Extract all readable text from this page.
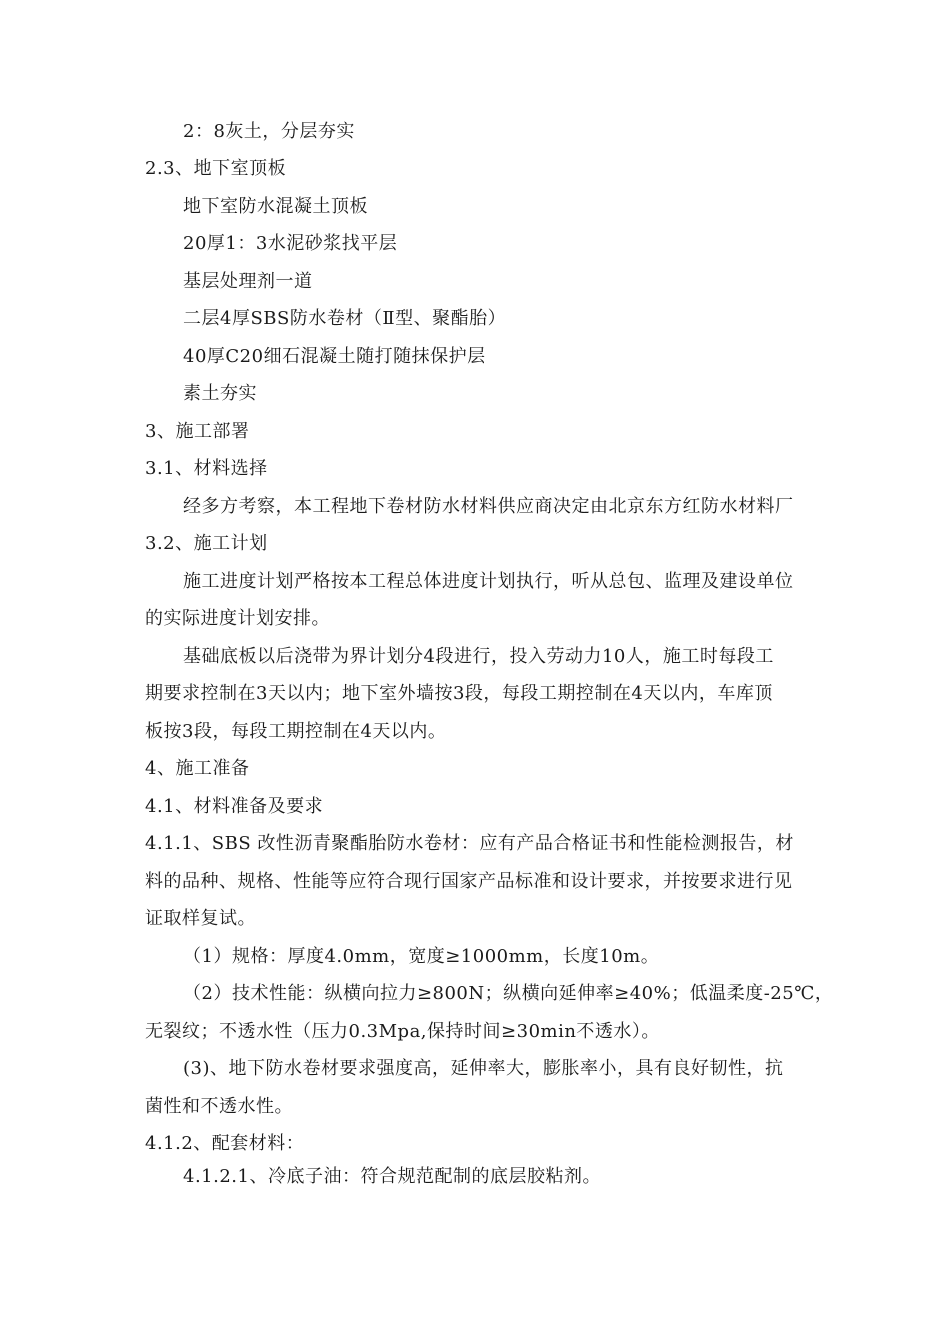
2：8灰土，分层夯实
2.3、地下室顶板
地下室防水混凝土顶板
20厚1：3水泥砂浆找平层
基层处理剂一道
二层4厚SBS防水卷材（Ⅱ型、聚酯胎）
40厚C20细石混凝土随打随抹保护层
素土夯实
3、施工部署
3.1、材料选择
经多方考察，本工程地下卷材防水材料供应商决定由北京东方红防水材料厂
3.2、施工计划
施工进度计划严格按本工程总体进度计划执行，听从总包、监理及建设单位
的实际进度计划安排。
基础底板以后浇带为界计划分4段进行，投入劳动力10人，施工时每段工
期要求控制在3天以内；地下室外墙按3段，每段工期控制在4天以内，车库顶
板按3段，每段工期控制在4天以内。
4、施工准备
4.1、材料准备及要求
4.1.1、SBS 改性沥青聚酯胎防水卷材：应有产品合格证书和性能检测报告，材
料的品种、规格、性能等应符合现行国家产品标准和设计要求，并按要求进行见
证取样复试。
（1）规格：厚度4.0mm，宽度≥1000mm，长度10m。
（2）技术性能：纵横向拉力≥800N；纵横向延伸率≥40%；低温柔度-25℃，
无裂纹；不透水性（压力0.3Mpa,保持时间≥30min不透水）。
(3)、地下防水卷材要求强度高，延伸率大，膨胀率小，具有良好韧性，抗
菌性和不透水性。
4.1.2、配套材料：
4.1.2.1、冷底子油：符合规范配制的底层胶粘剂。
